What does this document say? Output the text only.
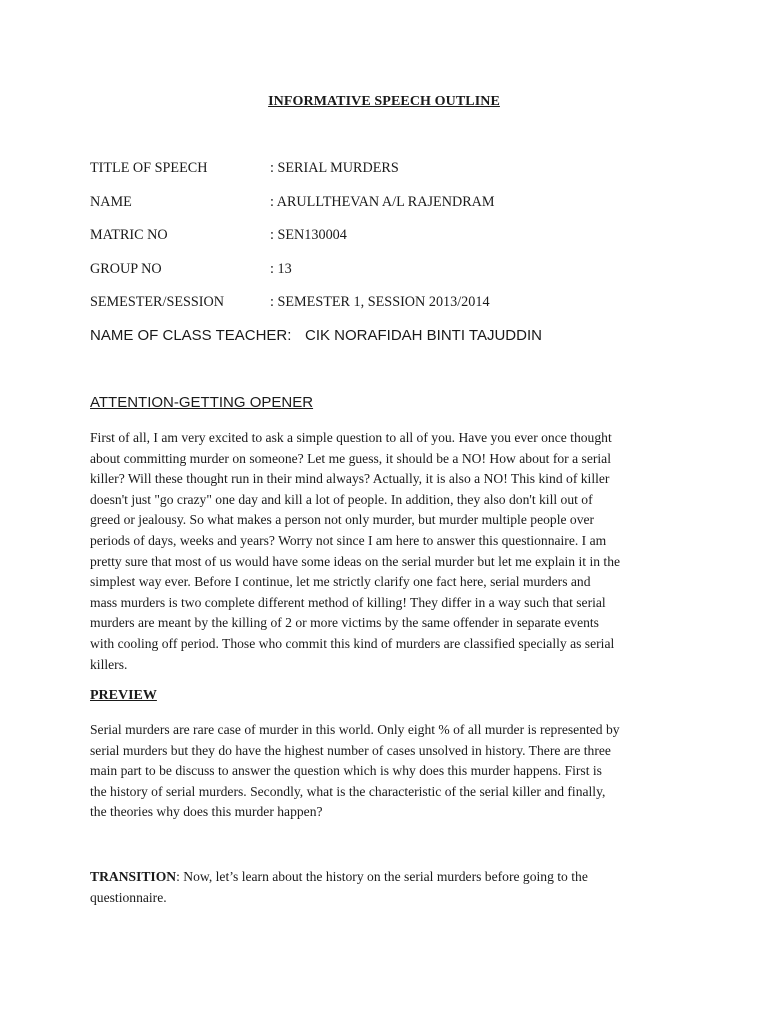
INFORMATIVE SPEECH OUTLINE
TITLE OF SPEECH	: SERIAL MURDERS
NAME	: ARULLTHEVAN A/L RAJENDRAM
MATRIC NO	: SEN130004
GROUP NO	: 13
SEMESTER/SESSION	: SEMESTER 1, SESSION 2013/2014
NAME OF CLASS TEACHER: CIK NORAFIDAH BINTI TAJUDDIN
ATTENTION-GETTING OPENER
First of all, I am very excited to ask a simple question to all of you. Have you ever once thought
about committing murder on someone? Let me guess, it should be a NO! How about for a serial
killer? Will these thought run in their mind always? Actually, it is also a NO! This kind of killer
doesn't just "go crazy" one day and kill a lot of people. In addition, they also don't kill out of
greed or jealousy. So what makes a person not only murder, but murder multiple people over
periods of days, weeks and years? Worry not since I am here to answer this questionnaire. I am
pretty sure that most of us would have some ideas on the serial murder but let me explain it in the
simplest way ever. Before I continue, let me strictly clarify one fact here, serial murders and
mass murders is two complete different method of killing! They differ in a way such that serial
murders are meant by the killing of 2 or more victims by the same offender in separate events
with cooling off period. Those who commit this kind of murders are classified specially as serial
killers.
PREVIEW
Serial murders are rare case of murder in this world. Only eight % of all murder is represented by
serial murders but they do have the highest number of cases unsolved in history. There are three
main part to be discuss to answer the question which is why does this murder happens. First is
the history of serial murders. Secondly, what is the characteristic of the serial killer and finally,
the theories why does this murder happen?
TRANSITION: Now, let’s learn about the history on the serial murders before going to the
questionnaire.
